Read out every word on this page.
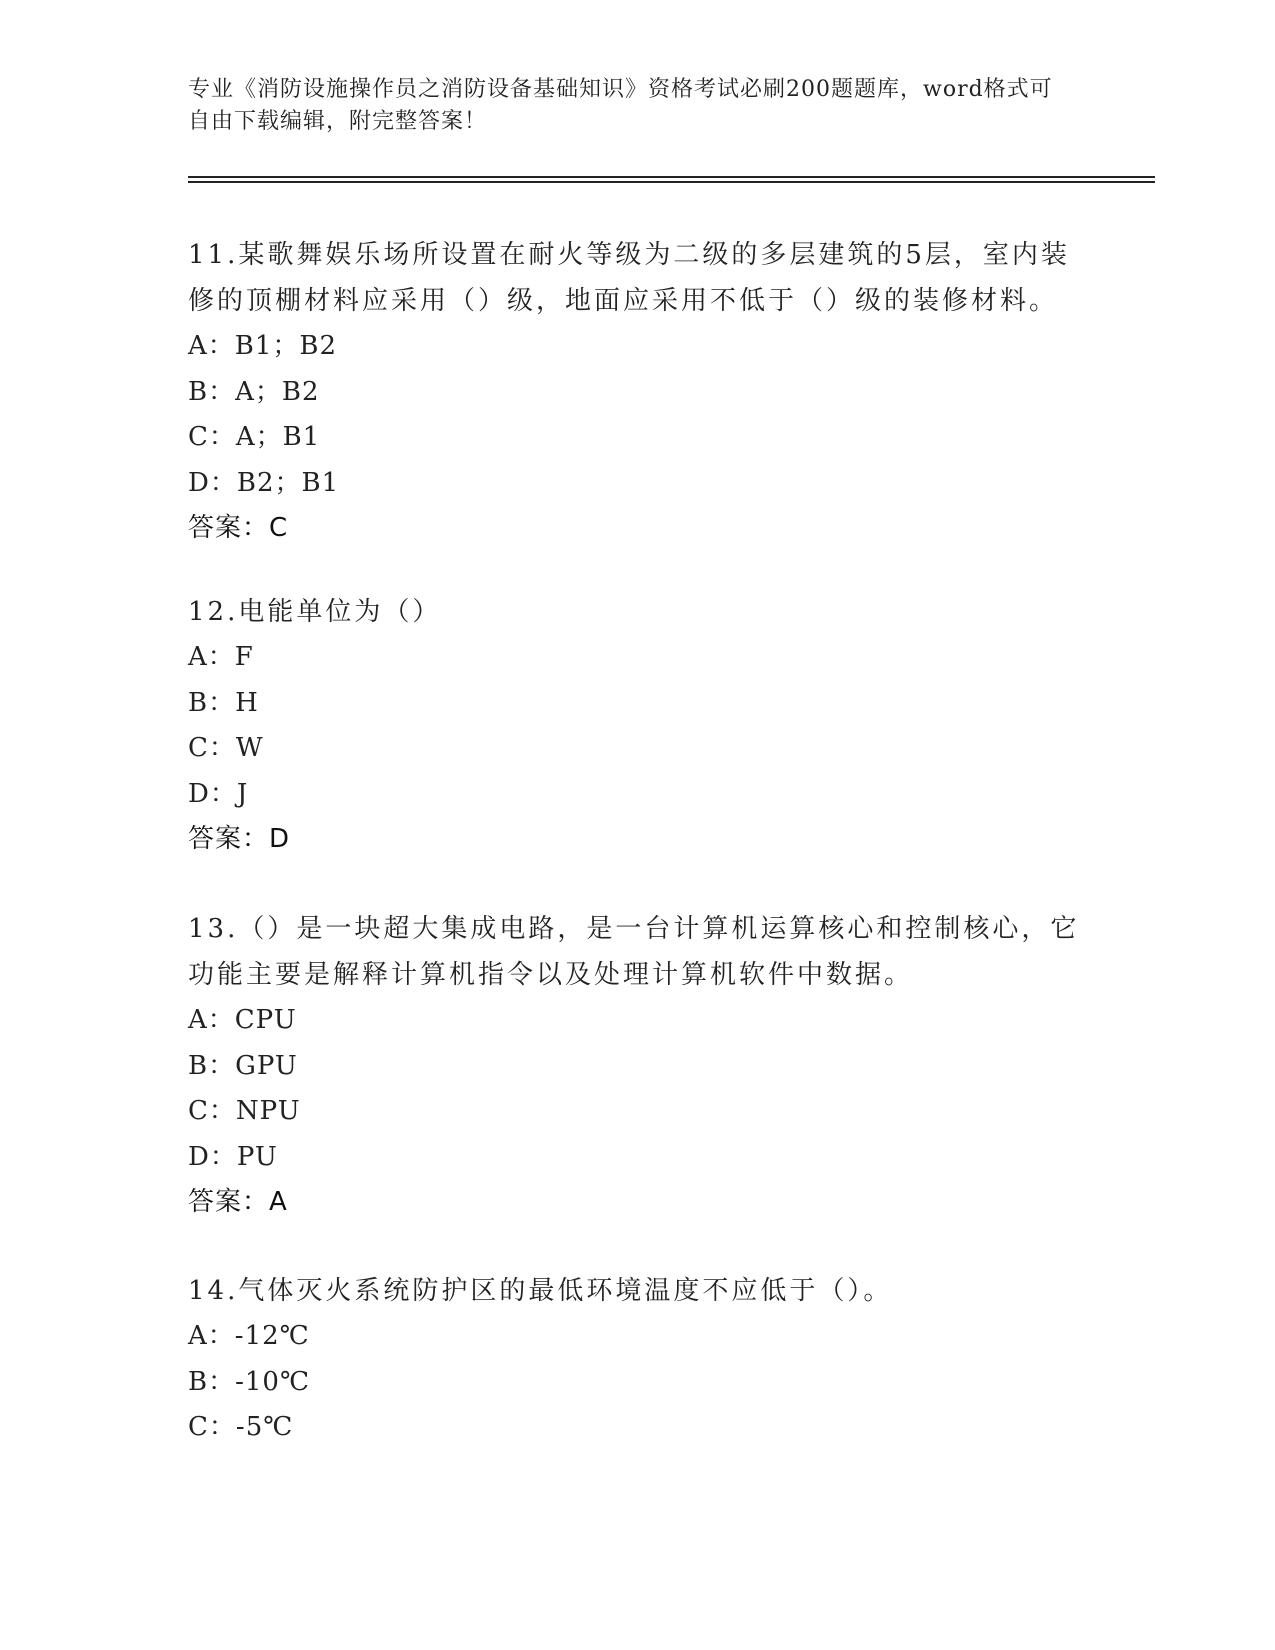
专业《消防设施操作员之消防设备基础知识》资格考试必刷200题题库，word格式可自由下载编辑，附完整答案！

11.某歌舞娱乐场所设置在耐火等级为二级的多层建筑的5层，室内装修的顶棚材料应采用（）级，地面应采用不低于（）级的装修材料。

A：B1；B2
B：A；B2
C：A；B1
D：B2；B1
答案：C

12.电能单位为（）

A：F
B：H
C：W
D：J
答案：D

13.（）是一块超大集成电路，是一台计算机运算核心和控制核心，它功能主要是解释计算机指令以及处理计算机软件中数据。

A：CPU
B：GPU
C：NPU
D：PU
答案：A

14.气体灭火系统防护区的最低环境温度不应低于（）。

A：-12℃
B：-10℃
C：-5℃
